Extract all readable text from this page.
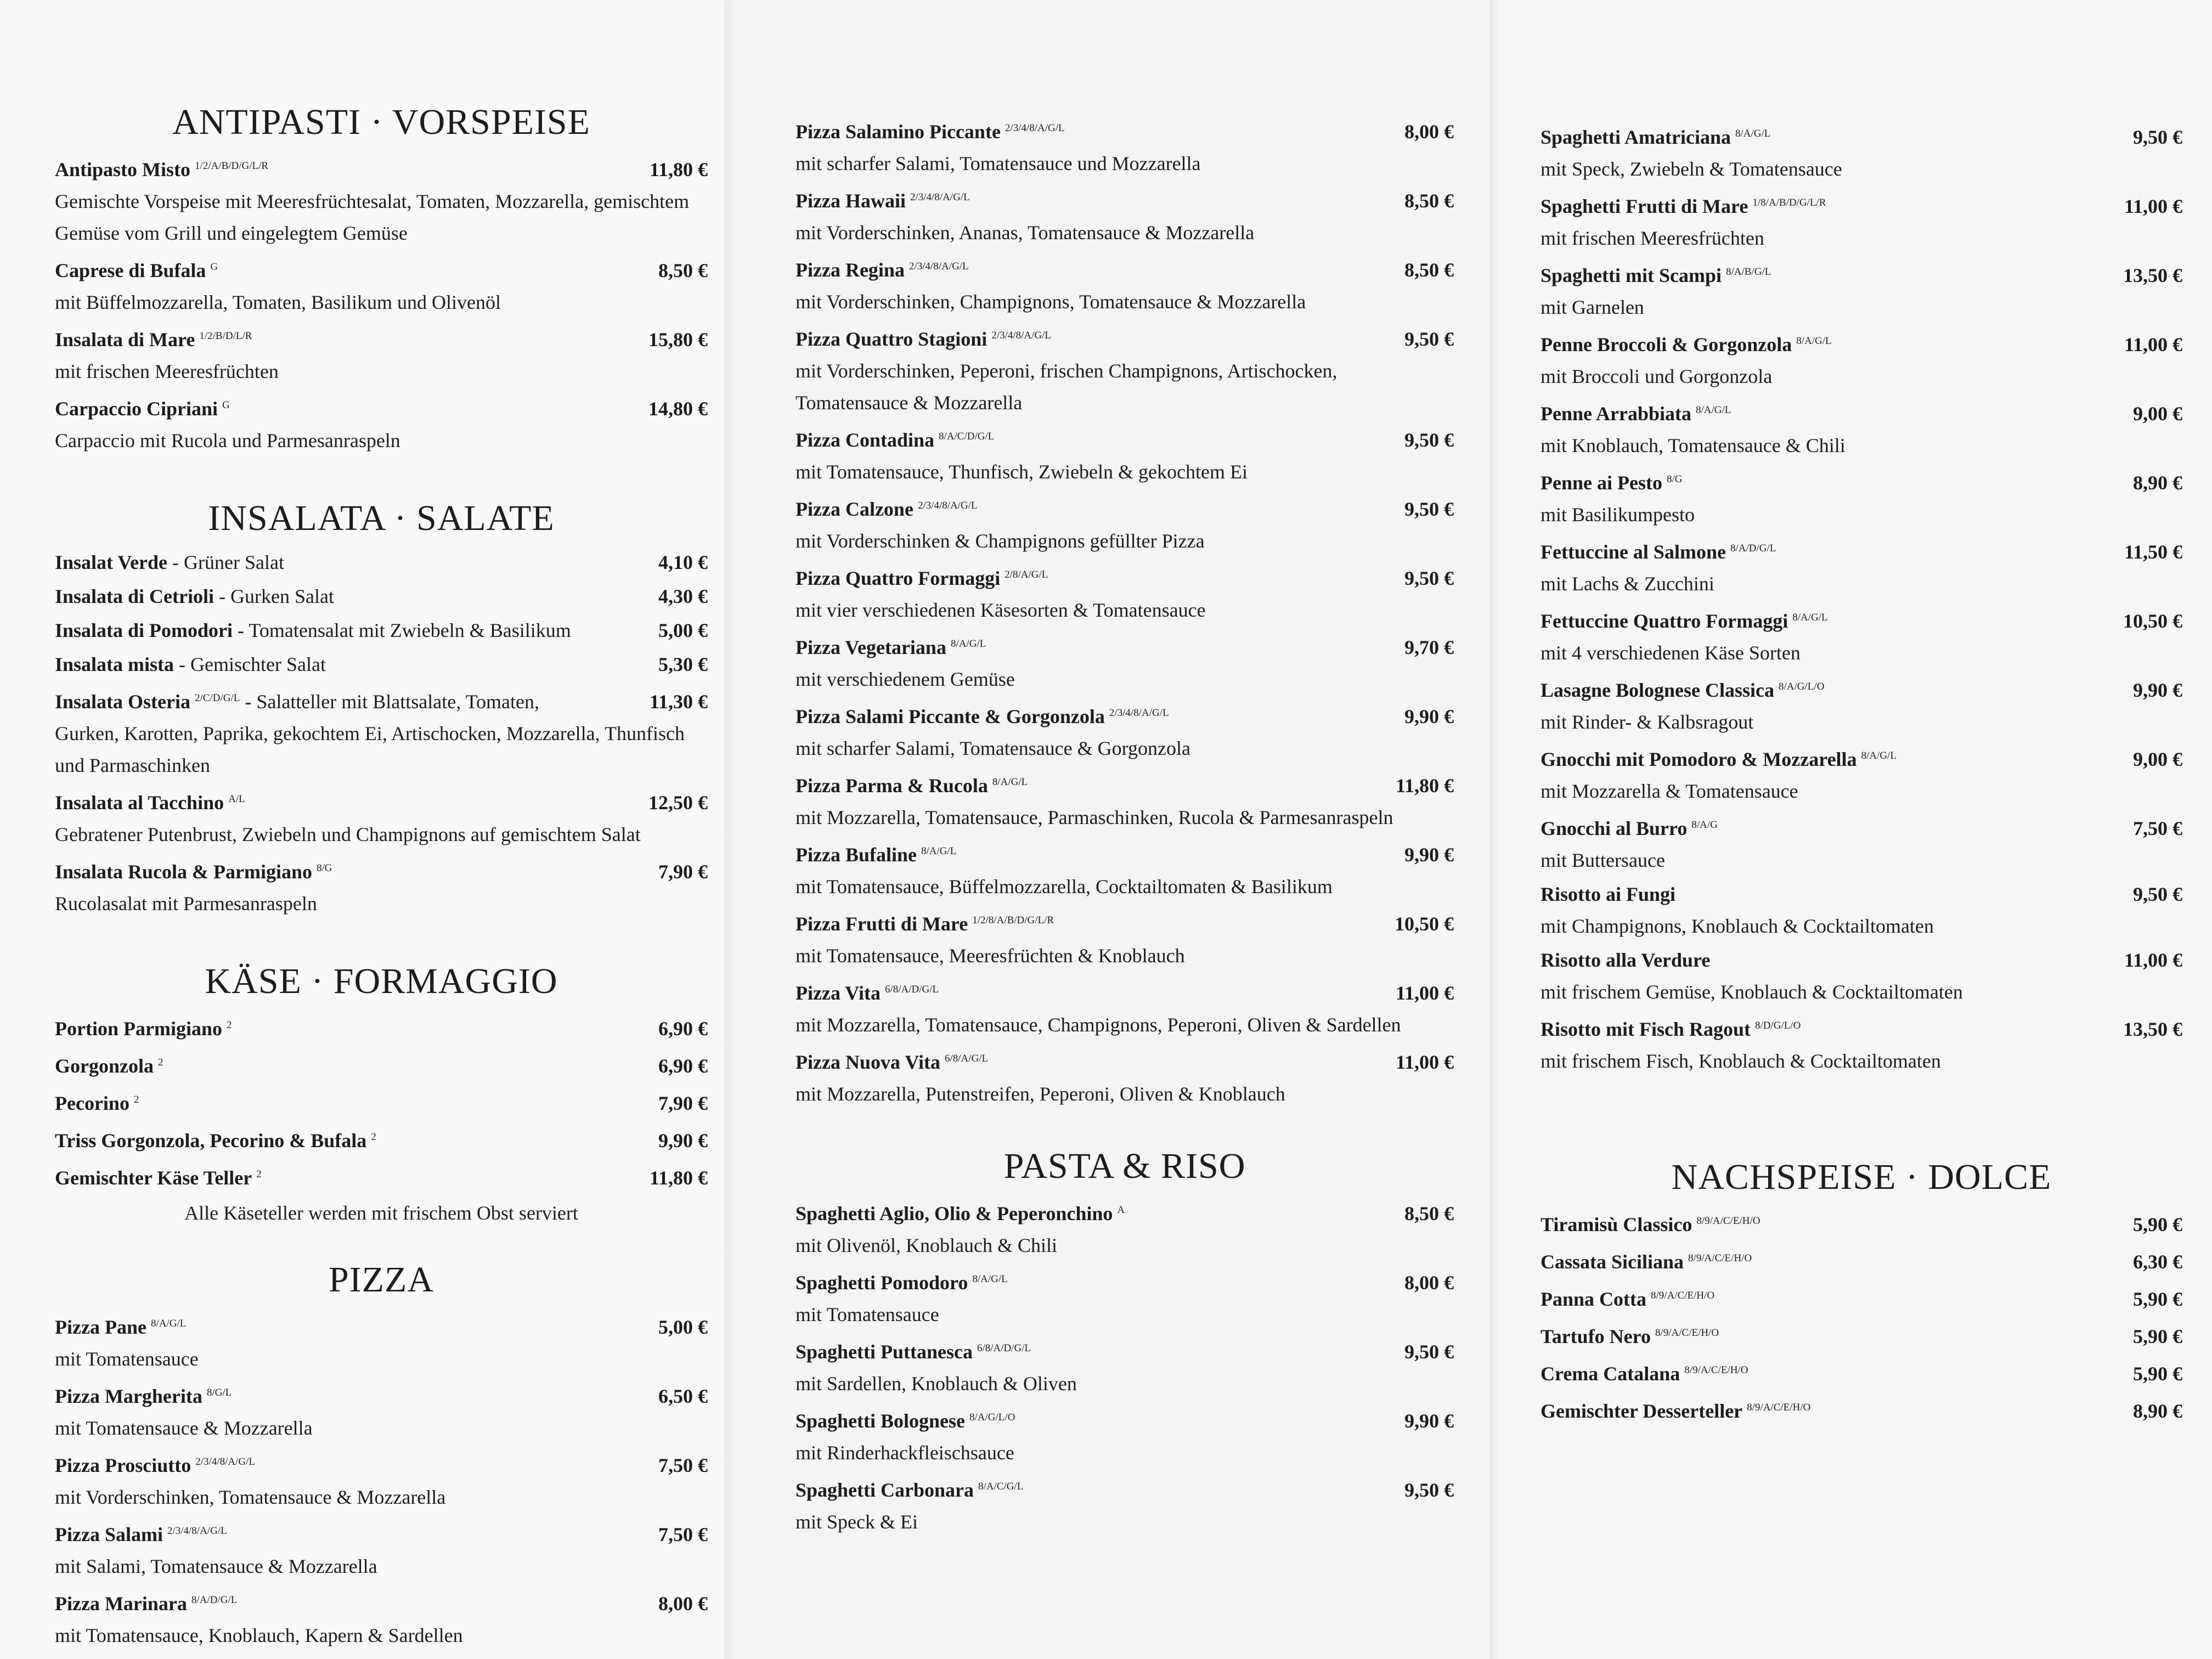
ANTIPASTI · VORSPEISE
Antipasto Misto $^{1/2/A/B/D/G/L/R}$	11,80 €
Gemischte Vorspeise mit Meeresfrüchtesalat, Tomaten, Mozzarella, gemischtem Gemüse vom Grill und eingelegtem Gemüse
Caprese di Bufala $^G$	8,50 €
mit Büffelmozzarella, Tomaten, Basilikum und Olivenöl
Insalata di Mare $^{1/2/B/D/L/R}$	15,80 €
mit frischen Meeresfrüchten
Carpaccio Cipriani $^G$	14,80 €
Carpaccio mit Rucola und Parmesanraspeln
INSALATA · SALATE
Insalat Verde - Grüner Salat	4,10 €
Insalata di Cetrioli - Gurken Salat	4,30 €
Insalata di Pomodori - Tomatensalat mit Zwiebeln & Basilikum	5,00 €
Insalata mista - Gemischter Salat	5,30 €
Insalata Osteria $^{2/C/D/G/L}$ - Salatteller mit Blattsalate, Tomaten,	11,30 €
Gurken, Karotten, Paprika, gekochtem Ei, Artischocken, Mozzarella, Thunfisch und Parmaschinken
Insalata al Tacchino $^{A/L}$	12,50 €
Gebratener Putenbrust, Zwiebeln und Champignons auf gemischtem Salat
Insalata Rucola & Parmigiano $^{8/G}$	7,90 €
Rucolasalat mit Parmesanraspeln
KÄSE · FORMAGGIO
Portion Parmigiano $^2$	6,90 €
Gorgonzola $^2$	6,90 €
Pecorino $^2$	7,90 €
Triss Gorgonzola, Pecorino & Bufala $^2$	9,90 €
Gemischter Käse Teller $^2$	11,80 €
Alle Käseteller werden mit frischem Obst serviert
PIZZA
Pizza Pane $^{8/A/G/L}$	5,00 €
mit Tomatensauce
Pizza Margherita $^{8/G/L}$	6,50 €
mit Tomatensauce & Mozzarella
Pizza Prosciutto $^{2/3/4/8/A/G/L}$	7,50 €
mit Vorderschinken, Tomatensauce & Mozzarella
Pizza Salami $^{2/3/4/8/A/G/L}$	7,50 €
mit Salami, Tomatensauce & Mozzarella
Pizza Marinara $^{8/A/D/G/L}$	8,00 €
mit Tomatensauce, Knoblauch, Kapern & Sardellen
Pizza Salamino Piccante $^{2/3/4/8/A/G/L}$	8,00 €
mit scharfer Salami, Tomatensauce und Mozzarella
Pizza Hawaii $^{2/3/4/8/A/G/L}$	8,50 €
mit Vorderschinken, Ananas, Tomatensauce & Mozzarella
Pizza Regina $^{2/3/4/8/A/G/L}$	8,50 €
mit Vorderschinken, Champignons, Tomatensauce & Mozzarella
Pizza Quattro Stagioni $^{2/3/4/8/A/G/L}$	9,50 €
mit Vorderschinken, Peperoni, frischen Champignons, Artischocken, Tomatensauce & Mozzarella
Pizza Contadina $^{8/A/C/D/G/L}$	9,50 €
mit Tomatensauce, Thunfisch, Zwiebeln & gekochtem Ei
Pizza Calzone $^{2/3/4/8/A/G/L}$	9,50 €
mit Vorderschinken & Champignons gefüllter Pizza
Pizza Quattro Formaggi $^{2/8/A/G/L}$	9,50 €
mit vier verschiedenen Käsesorten & Tomatensauce
Pizza Vegetariana $^{8/A/G/L}$	9,70 €
mit verschiedenem Gemüse
Pizza Salami Piccante & Gorgonzola $^{2/3/4/8/A/G/L}$	9,90 €
mit scharfer Salami, Tomatensauce & Gorgonzola
Pizza Parma & Rucola $^{8/A/G/L}$	11,80 €
mit Mozzarella, Tomatensauce, Parmaschinken, Rucola & Parmesanraspeln
Pizza Bufaline $^{8/A/G/L}$	9,90 €
mit Tomatensauce, Büffelmozzarella, Cocktailtomaten & Basilikum
Pizza Frutti di Mare $^{1/2/8/A/B/D/G/L/R}$	10,50 €
mit Tomatensauce, Meeresfrüchten & Knoblauch
Pizza Vita $^{6/8/A/D/G/L}$	11,00 €
mit Mozzarella, Tomatensauce, Champignons, Peperoni, Oliven & Sardellen
Pizza Nuova Vita $^{6/8/A/G/L}$	11,00 €
mit Mozzarella, Putenstreifen, Peperoni, Oliven & Knoblauch
PASTA & RISO
Spaghetti Aglio, Olio & Peperonchino $^A$	8,50 €
mit Olivenöl, Knoblauch & Chili
Spaghetti Pomodoro $^{8/A/G/L}$	8,00 €
mit Tomatensauce
Spaghetti Puttanesca $^{6/8/A/D/G/L}$	9,50 €
mit Sardellen, Knoblauch & Oliven
Spaghetti Bolognese $^{8/A/G/L/O}$	9,90 €
mit Rinderhackfleischsauce
Spaghetti Carbonara $^{8/A/C/G/L}$	9,50 €
mit Speck & Ei
Spaghetti Amatriciana $^{8/A/G/L}$	9,50 €
mit Speck, Zwiebeln & Tomatensauce
Spaghetti Frutti di Mare $^{1/8/A/B/D/G/L/R}$	11,00 €
mit frischen Meeresfrüchten
Spaghetti mit Scampi $^{8/A/B/G/L}$	13,50 €
mit Garnelen
Penne Broccoli & Gorgonzola $^{8/A/G/L}$	11,00 €
mit Broccoli und Gorgonzola
Penne Arrabbiata $^{8/A/G/L}$	9,00 €
mit Knoblauch, Tomatensauce & Chili
Penne ai Pesto $^{8/G}$	8,90 €
mit Basilikumpesto
Fettuccine al Salmone $^{8/A/D/G/L}$	11,50 €
mit Lachs & Zucchini
Fettuccine Quattro Formaggi $^{8/A/G/L}$	10,50 €
mit 4 verschiedenen Käse Sorten
Lasagne Bolognese Classica $^{8/A/G/L/O}$	9,90 €
mit Rinder- & Kalbsragout
Gnocchi mit Pomodoro & Mozzarella $^{8/A/G/L}$	9,00 €
mit Mozzarella & Tomatensauce
Gnocchi al Burro $^{8/A/G}$	7,50 €
mit Buttersauce
Risotto ai Fungi	9,50 €
mit Champignons, Knoblauch & Cocktailtomaten
Risotto alla Verdure	11,00 €
mit frischem Gemüse, Knoblauch & Cocktailtomaten
Risotto mit Fisch Ragout $^{8/D/G/L/O}$	13,50 €
mit frischem Fisch, Knoblauch & Cocktailtomaten
NACHSPEISE · DOLCE
Tiramisù Classico $^{8/9/A/C/E/H/O}$	5,90 €
Cassata Siciliana $^{8/9/A/C/E/H/O}$	6,30 €
Panna Cotta $^{8/9/A/C/E/H/O}$	5,90 €
Tartufo Nero $^{8/9/A/C/E/H/O}$	5,90 €
Crema Catalana $^{8/9/A/C/E/H/O}$	5,90 €
Gemischter Desserteller $^{8/9/A/C/E/H/O}$	8,90 €
